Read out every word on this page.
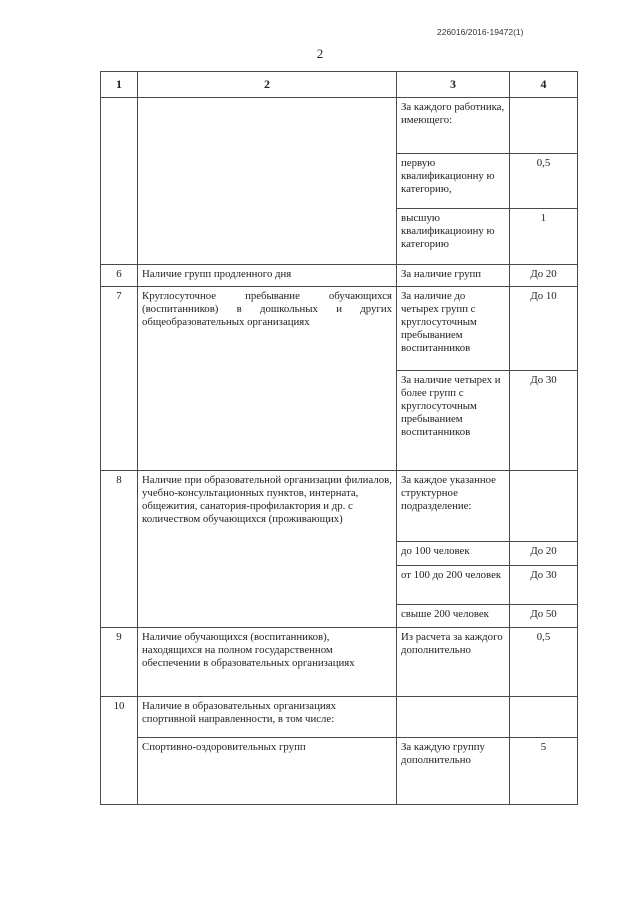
226016/2016-19472(1)
2
1	2	3	4
		За каждого работника, имеющего:	
		первую квалификационну ю категорию,	0,5
		высшую квалификациоину ю категорию	1
6	Наличие групп продленного дня	За наличие групп	До 20
7	Круглосуточное пребывание обучающихся (воспитанников) в дошкольных и других общеобразовательных организациях	За наличие до четырех групп с круглосуточным пребыванием воспитанников	До 10
		За наличие четырех и более групп с круглосуточным пребыванием воспитанников	До 30
8	Наличие при образовательной организации филиалов, учебно-консультационных пунктов, интерната, общежития, санатория-профилактория и др. с количеством обучающихся (проживающих)	За каждое указанное структурное подразделение:	
		до 100 человек	До 20
		от 100 до 200 человек	До 30
		свыше 200 человек	До 50
9	Наличие обучающихся (воспитанников), находящихся на полном государственном обеспечении в образовательных организациях	Из расчета за каждого дополнительно	0,5
10	Наличие в образовательных организациях спортивной направленности, в том числе:		
	Спортивно-оздоровительных групп	За каждую группу дополнительно	5
